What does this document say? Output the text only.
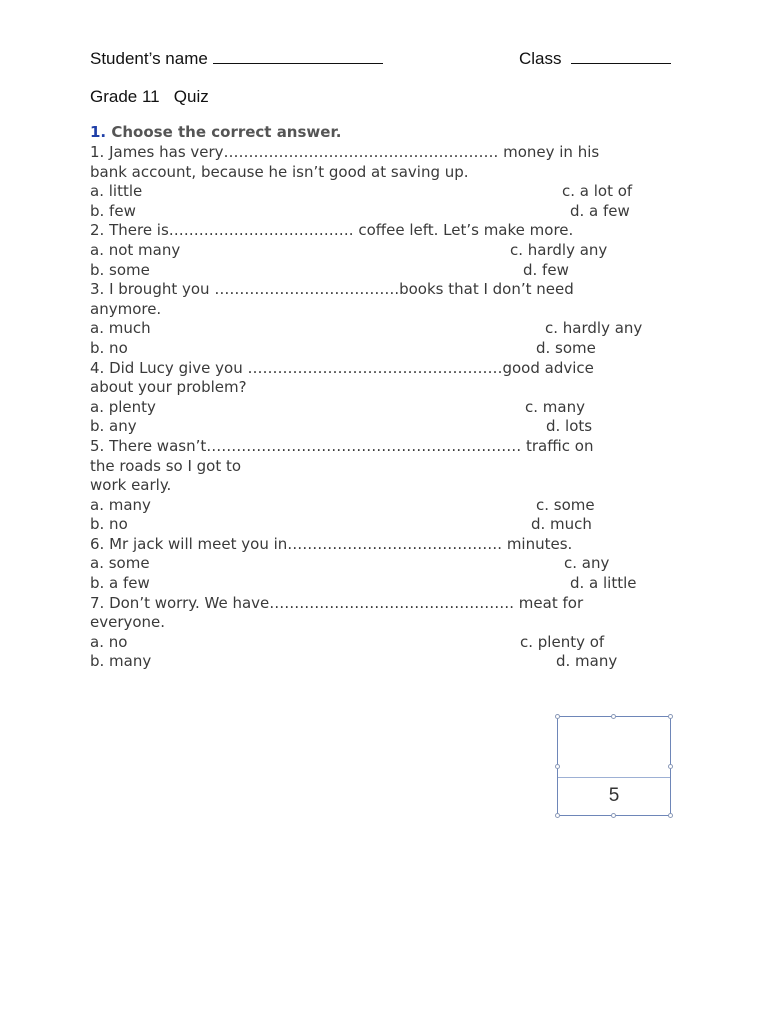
Student’s name	Class
Grade 11   Quiz
1. Choose the correct answer.
1. James has very………………………………………………. money in his
bank account, because he isn’t good at saving up.
a. little	c. a lot of
b. few	d. a few
2. There is………………………………. coffee left. Let’s make more.
a. not many	c. hardly any
b. some	d. few
3. I brought you ……………………………….books that I don’t need
anymore.
a. much	c. hardly any
b. no	d. some
4. Did Lucy give you ……………………………………………good advice
about your problem?
a. plenty	c. many
b. any	d. lots
5. There wasn’t……………………………………………………… traffic on
the roads so I got to
work early.
a. many	c. some
b. no	d. much
6. Mr jack will meet you in……………………………………. minutes.
a. some	c. any
b. a few	d. a little
7. Don’t worry. We have…………………………………………. meat for
everyone.
a. no	c. plenty of
b. many	d. many
5
